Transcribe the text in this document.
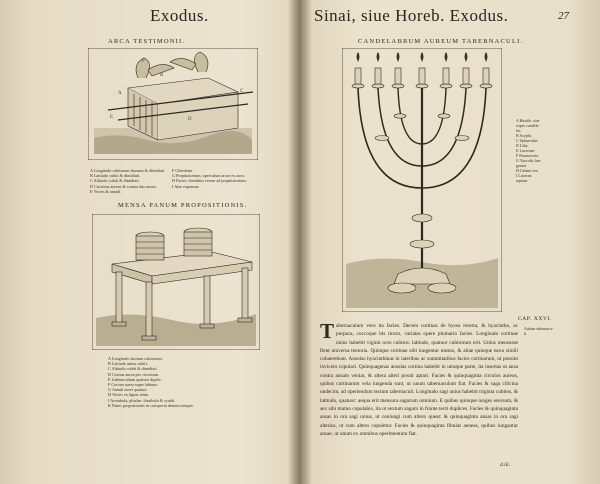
Exodus.
ARCA TESTIMONII.
A
B
C
D
E
F
A Longitudo cubitorum duorum & dimidiati.
B Latitudo cubiti & dimidiati.
C Altitudo cubiti & dimidiati.
D Circuitus aureus & cornua duo aurea.
E Vectes & annuli.
F Cherubim.
G Propitiatorium, operculum arcae ex auro.
H Facies cherubim versae ad propitiatorium.
I Alae expansae.
MENSA PANUM PROPOSITIONIS.
A Longitudo duorum cubitorum.
B Latitudo unius cubiti.
C Altitudo cubiti & dimidiati.
D Corona aurea per circuitum.
E Labium altum quatuor digitis.
F Corona aurea super labium.
G Annuli aurei quatuor.
H Vectes ex lignis setim.
I Acetabula, phialae, thuribula & cyathi.
K Panes propositionis in conspectu domini semper.
Sinai, siue Horeb. Exodus.	27
CANDELABRUM AUREUM TABERNACULI.
A Hastile, siue
stipes candela-
bri.
B Scyphi.
C Sphaerulae.
D Lilia.
E Lucernae.
F Emunctoria.
G Vasa ubi fun-
gantur.
H Calami sex.
I Lucerna
septem.
CAP. XXVI.
Tabernaculum vero ita facies. Decem cortinas de bysso retorta, & hyacintho, ac purpura, coccoque bis tincto, variatas opere plumario facies. Longitudo cortinae unius habebit viginti octo cubitos: latitudo, quatuor cubitorum erit. Unius mensurae fient universa tentoria. Quinque cortinae sibi iungentur mutuo, & aliae quinque nexu simili cohaerebunt. Ansulas hyacinthinas in lateribus ac summitatibus facies cortinarum, ut possint invicem copulari. Quinquagenas ansulas cortina habebit in utraque parte, ita insertas ut ansa contra ansam veniat, & altera alteri possit aptari. Facies & quinquaginta circulos aureos, quibus cortinarum vela iungenda sunt, ut unum tabernaculum fiat. Facies & saga cilicina undecim, ad operiendum tectum tabernaculi. Longitudo sagi unius habebit triginta cubitos, & latitudo, quatuor: aequa erit mensura sagorum omnium. E quibus quinque iunges seorsum, & sex sibi mutuo copulabis, ita ut sextum sagum in fronte tecti duplices. Facies & quinquaginta ansas in ora sagi unius, ut coniungi cum altero queat: & quinquaginta ansas in ora sagi alterius, ut cum altero copuletur. Facies & quinquaginta fibulas aeneas, quibus iungantur ansae, ut unum ex omnibus operimentum fiat.
Aulaea tabernacu-
li.
d.iii.
